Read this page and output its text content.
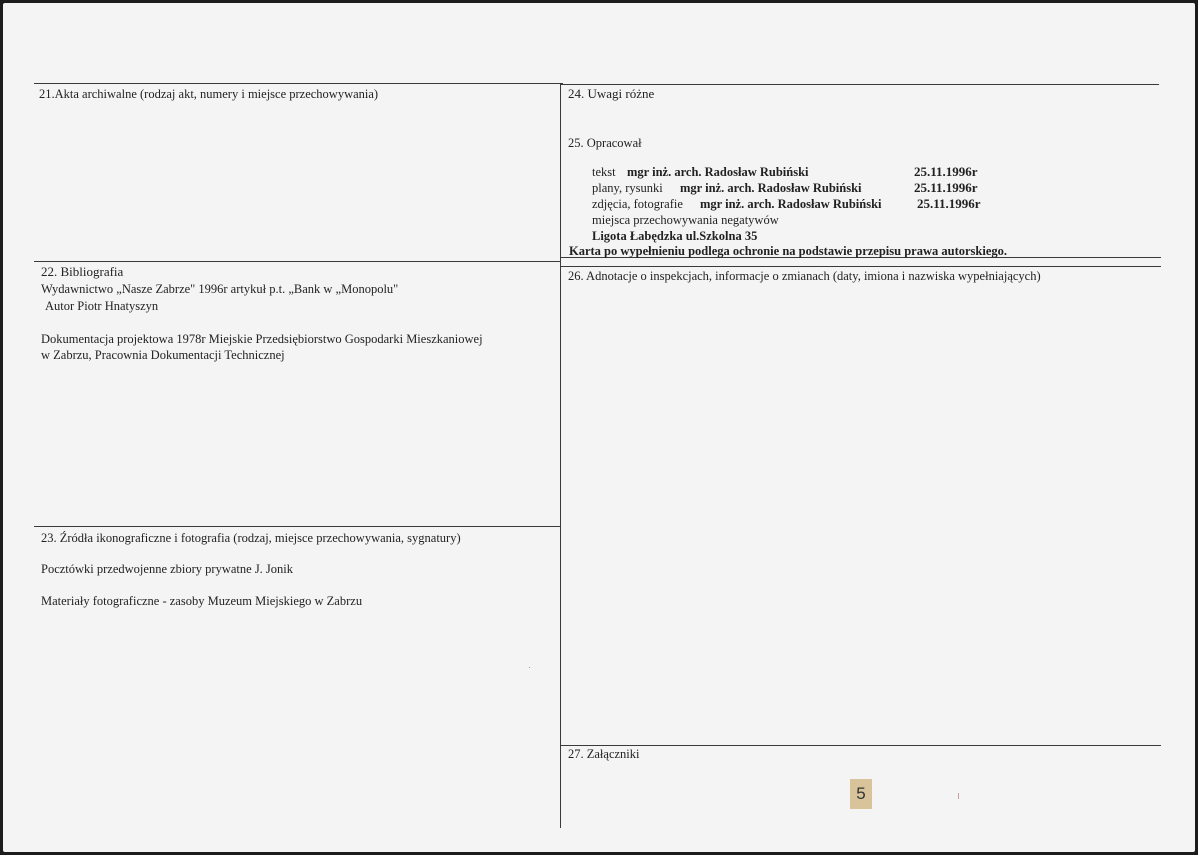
21.Akta archiwalne (rodzaj akt, numery i miejsce przechowywania)
22. Bibliografia
Wydawnictwo „Nasze Zabrze" 1996r artykuł p.t. „Bank w „Monopolu"
Autor Piotr Hnatyszyn
Dokumentacja projektowa 1978r Miejskie Przedsiębiorstwo Gospodarki Mieszkaniowej
w Zabrzu, Pracownia Dokumentacji Technicznej
23. Źródła ikonograficzne i fotografia (rodzaj, miejsce przechowywania, sygnatury)
Pocztówki przedwojenne zbiory prywatne J. Jonik
Materiały fotograficzne - zasoby Muzeum Miejskiego w Zabrzu
24. Uwagi różne
25. Opracował
tekst mgr inż. arch. Radosław Rubiński	25.11.1996r
plany, rysunki mgr inż. arch. Radosław Rubiński	25.11.1996r
zdjęcia, fotografie mgr inż. arch. Radosław Rubiński	25.11.1996r
miejsca przechowywania negatywów
Ligota Łabędzka ul.Szkolna 35
Karta po wypełnieniu podlega ochronie na podstawie przepisu prawa autorskiego.
26. Adnotacje o inspekcjach, informacje o zmianach (daty, imiona i nazwiska wypełniających)
27. Załączniki
5
